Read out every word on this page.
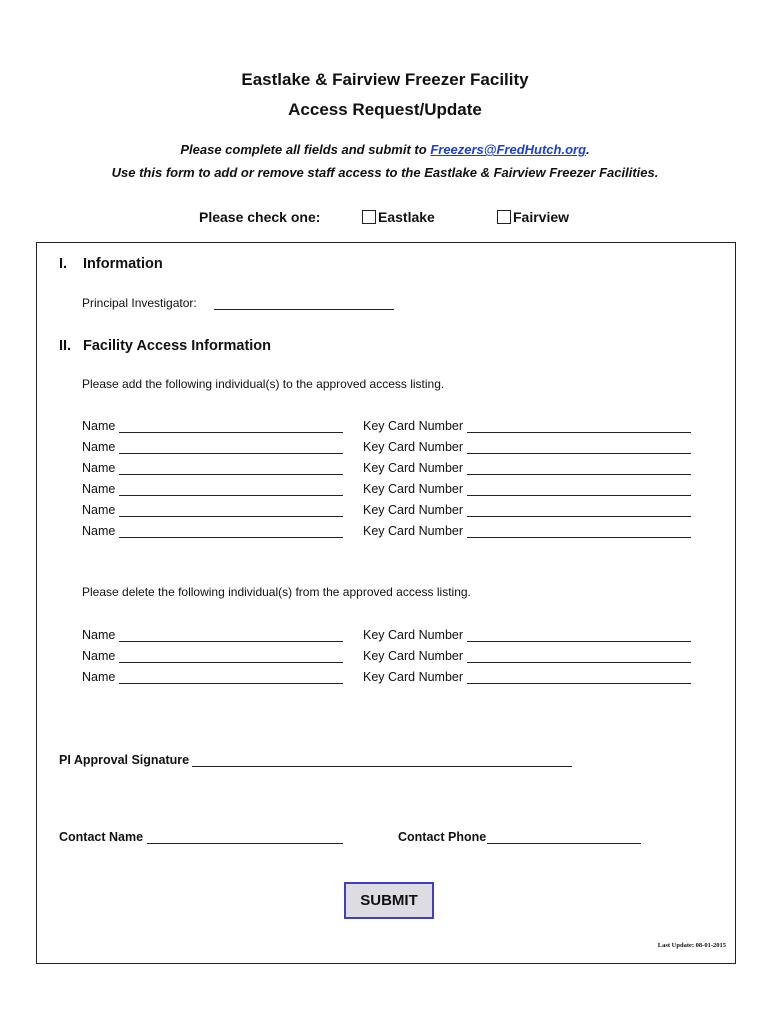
Eastlake & Fairview Freezer Facility
Access Request/Update
Please complete all fields and submit to Freezers@FredHutch.org.
Use this form to add or remove staff access to the Eastlake & Fairview Freezer Facilities.
Please check one:	Eastlake	Fairview
I. Information
Principal Investigator:
II. Facility Access Information
Please add the following individual(s) to the approved access listing.
Name	Key Card Number
Name	Key Card Number
Name	Key Card Number
Name	Key Card Number
Name	Key Card Number
Name	Key Card Number
Please delete the following individual(s) from the approved access listing.
Name	Key Card Number
Name	Key Card Number
Name	Key Card Number
PI Approval Signature
Contact Name	Contact Phone
SUBMIT
Last Update: 08-01-2015
